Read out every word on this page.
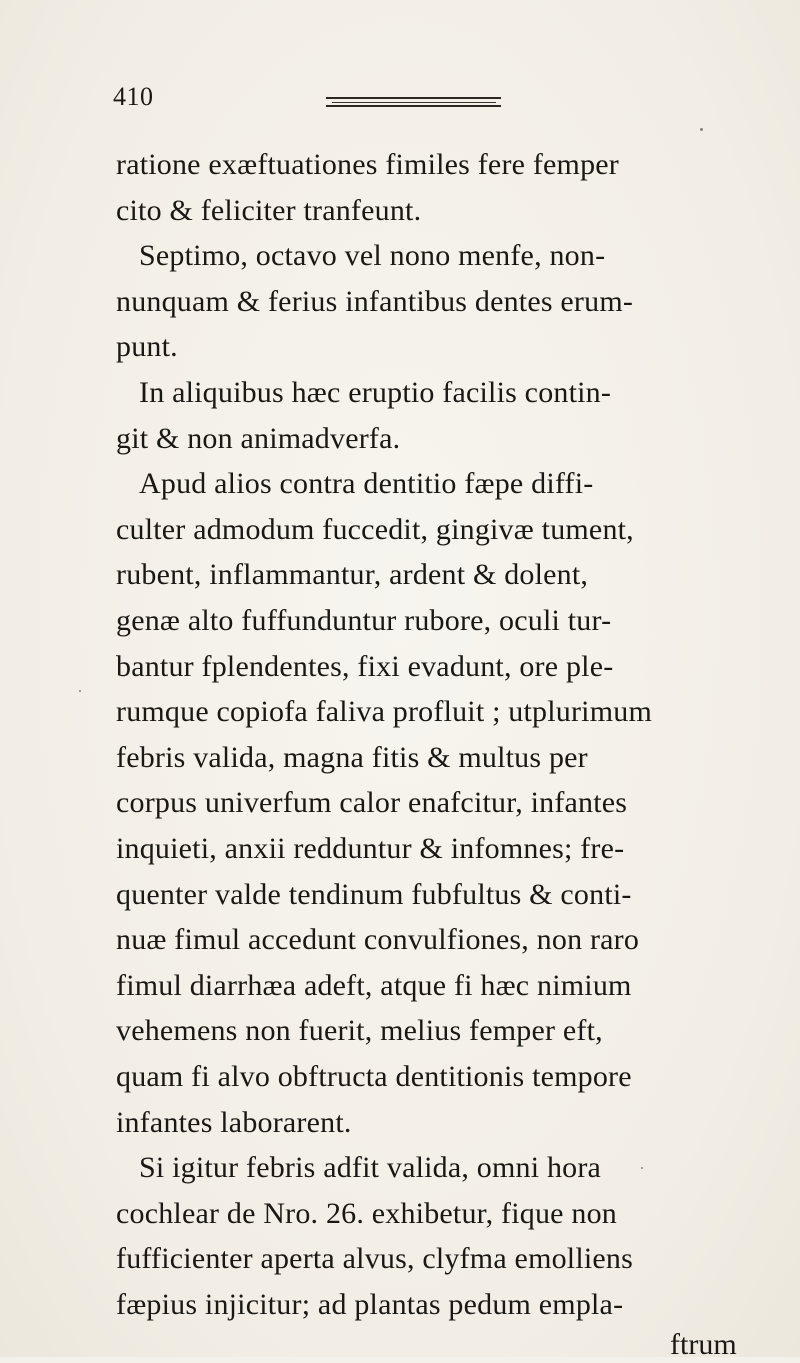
410
ratione exæftuationes fimiles fere femper
cito & feliciter tranfeunt.
Septimo, octavo vel nono menfe, non-
nunquam & ferius infantibus dentes erum-
punt.
In aliquibus hæc eruptio facilis contin-
git & non animadverfa.
Apud alios contra dentitio fæpe diffi-
culter admodum fuccedit, gingivæ tument,
rubent, inflammantur, ardent & dolent,
genæ alto fuffunduntur rubore, oculi tur-
bantur fplendentes, fixi evadunt, ore ple-
rumque copiofa faliva profluit ; utplurimum
febris valida, magna fitis & multus per
corpus univerfum calor enafcitur, infantes
inquieti, anxii redduntur & infomnes; fre-
quenter valde tendinum fubfultus & conti-
nuæ fimul accedunt convulfiones, non raro
fimul diarrhæa adeft, atque fi hæc nimium
vehemens non fuerit, melius femper eft,
quam fi alvo obftructa dentitionis tempore
infantes laborarent.
Si igitur febris adfit valida, omni hora
cochlear de Nro. 26. exhibetur, fique non
fufficienter aperta alvus, clyfma emolliens
fæpius injicitur; ad plantas pedum empla-
ftrum
